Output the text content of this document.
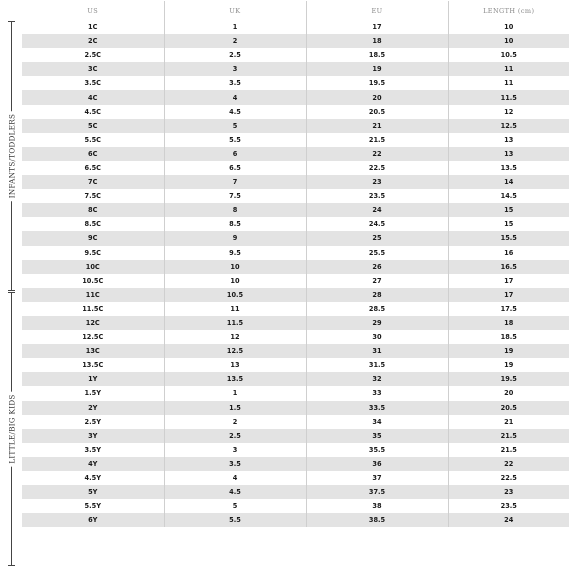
INFANTS/TODDLERS
LITTLE/BIG KIDS
US	UK	EU	LENGTH (cm)
1C	1	17	10
2C	2	18	10
2.5C	2.5	18.5	10.5
3C	3	19	11
3.5C	3.5	19.5	11
4C	4	20	11.5
4.5C	4.5	20.5	12
5C	5	21	12.5
5.5C	5.5	21.5	13
6C	6	22	13
6.5C	6.5	22.5	13.5
7C	7	23	14
7.5C	7.5	23.5	14.5
8C	8	24	15
8.5C	8.5	24.5	15
9C	9	25	15.5
9.5C	9.5	25.5	16
10C	10	26	16.5
10.5C	10	27	17
11C	10.5	28	17
11.5C	11	28.5	17.5
12C	11.5	29	18
12.5C	12	30	18.5
13C	12.5	31	19
13.5C	13	31.5	19
1Y	13.5	32	19.5
1.5Y	1	33	20
2Y	1.5	33.5	20.5
2.5Y	2	34	21
3Y	2.5	35	21.5
3.5Y	3	35.5	21.5
4Y	3.5	36	22
4.5Y	4	37	22.5
5Y	4.5	37.5	23
5.5Y	5	38	23.5
6Y	5.5	38.5	24
